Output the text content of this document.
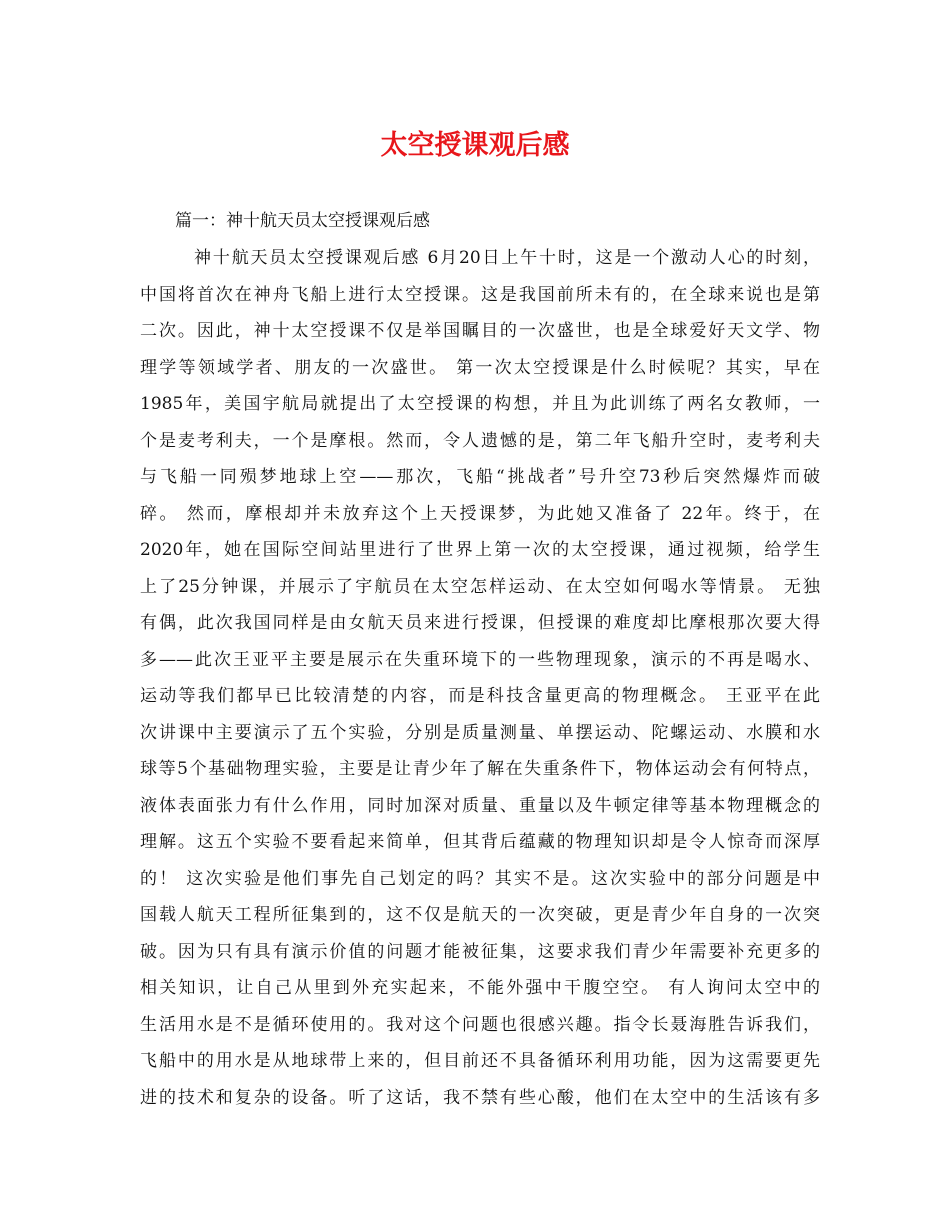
太空授课观后感

篇一：神十航天员太空授课观后感

神十航天员太空授课观后感 6月20日上午十时，这是一个激动人心的时刻，
中国将首次在神舟飞船上进行太空授课。这是我国前所未有的，在全球来说也是第
二次。因此，神十太空授课不仅是举国瞩目的一次盛世，也是全球爱好天文学、物
理学等领域学者、朋友的一次盛世。 第一次太空授课是什么时候呢？其实，早在
1985年，美国宇航局就提出了太空授课的构想，并且为此训练了两名女教师，一
个是麦考利夫，一个是摩根。然而，令人遗憾的是，第二年飞船升空时，麦考利夫
与飞船一同殒梦地球上空——那次，飞船“挑战者”号升空73秒后突然爆炸而破
碎。 然而，摩根却并未放弃这个上天授课梦，为此她又准备了 22年。终于，在
2020年，她在国际空间站里进行了世界上第一次的太空授课，通过视频，给学生
上了25分钟课，并展示了宇航员在太空怎样运动、在太空如何喝水等情景。 无独
有偶，此次我国同样是由女航天员来进行授课，但授课的难度却比摩根那次要大得
多——此次王亚平主要是展示在失重环境下的一些物理现象，演示的不再是喝水、
运动等我们都早已比较清楚的内容，而是科技含量更高的物理概念。 王亚平在此
次讲课中主要演示了五个实验，分别是质量测量、单摆运动、陀螺运动、水膜和水
球等5个基础物理实验，主要是让青少年了解在失重条件下，物体运动会有何特点，
液体表面张力有什么作用，同时加深对质量、重量以及牛顿定律等基本物理概念的
理解。这五个实验不要看起来简单，但其背后蕴藏的物理知识却是令人惊奇而深厚
的！ 这次实验是他们事先自己划定的吗？其实不是。这次实验中的部分问题是中
国载人航天工程所征集到的，这不仅是航天的一次突破，更是青少年自身的一次突
破。因为只有具有演示价值的问题才能被征集，这要求我们青少年需要补充更多的
相关知识，让自己从里到外充实起来，不能外强中干腹空空。 有人询问太空中的
生活用水是不是循环使用的。我对这个问题也很感兴趣。指令长聂海胜告诉我们，
飞船中的用水是从地球带上来的，但目前还不具备循环利用功能，因为这需要更先
进的技术和复杂的设备。听了这话，我不禁有些心酸，他们在太空中的生活该有多
